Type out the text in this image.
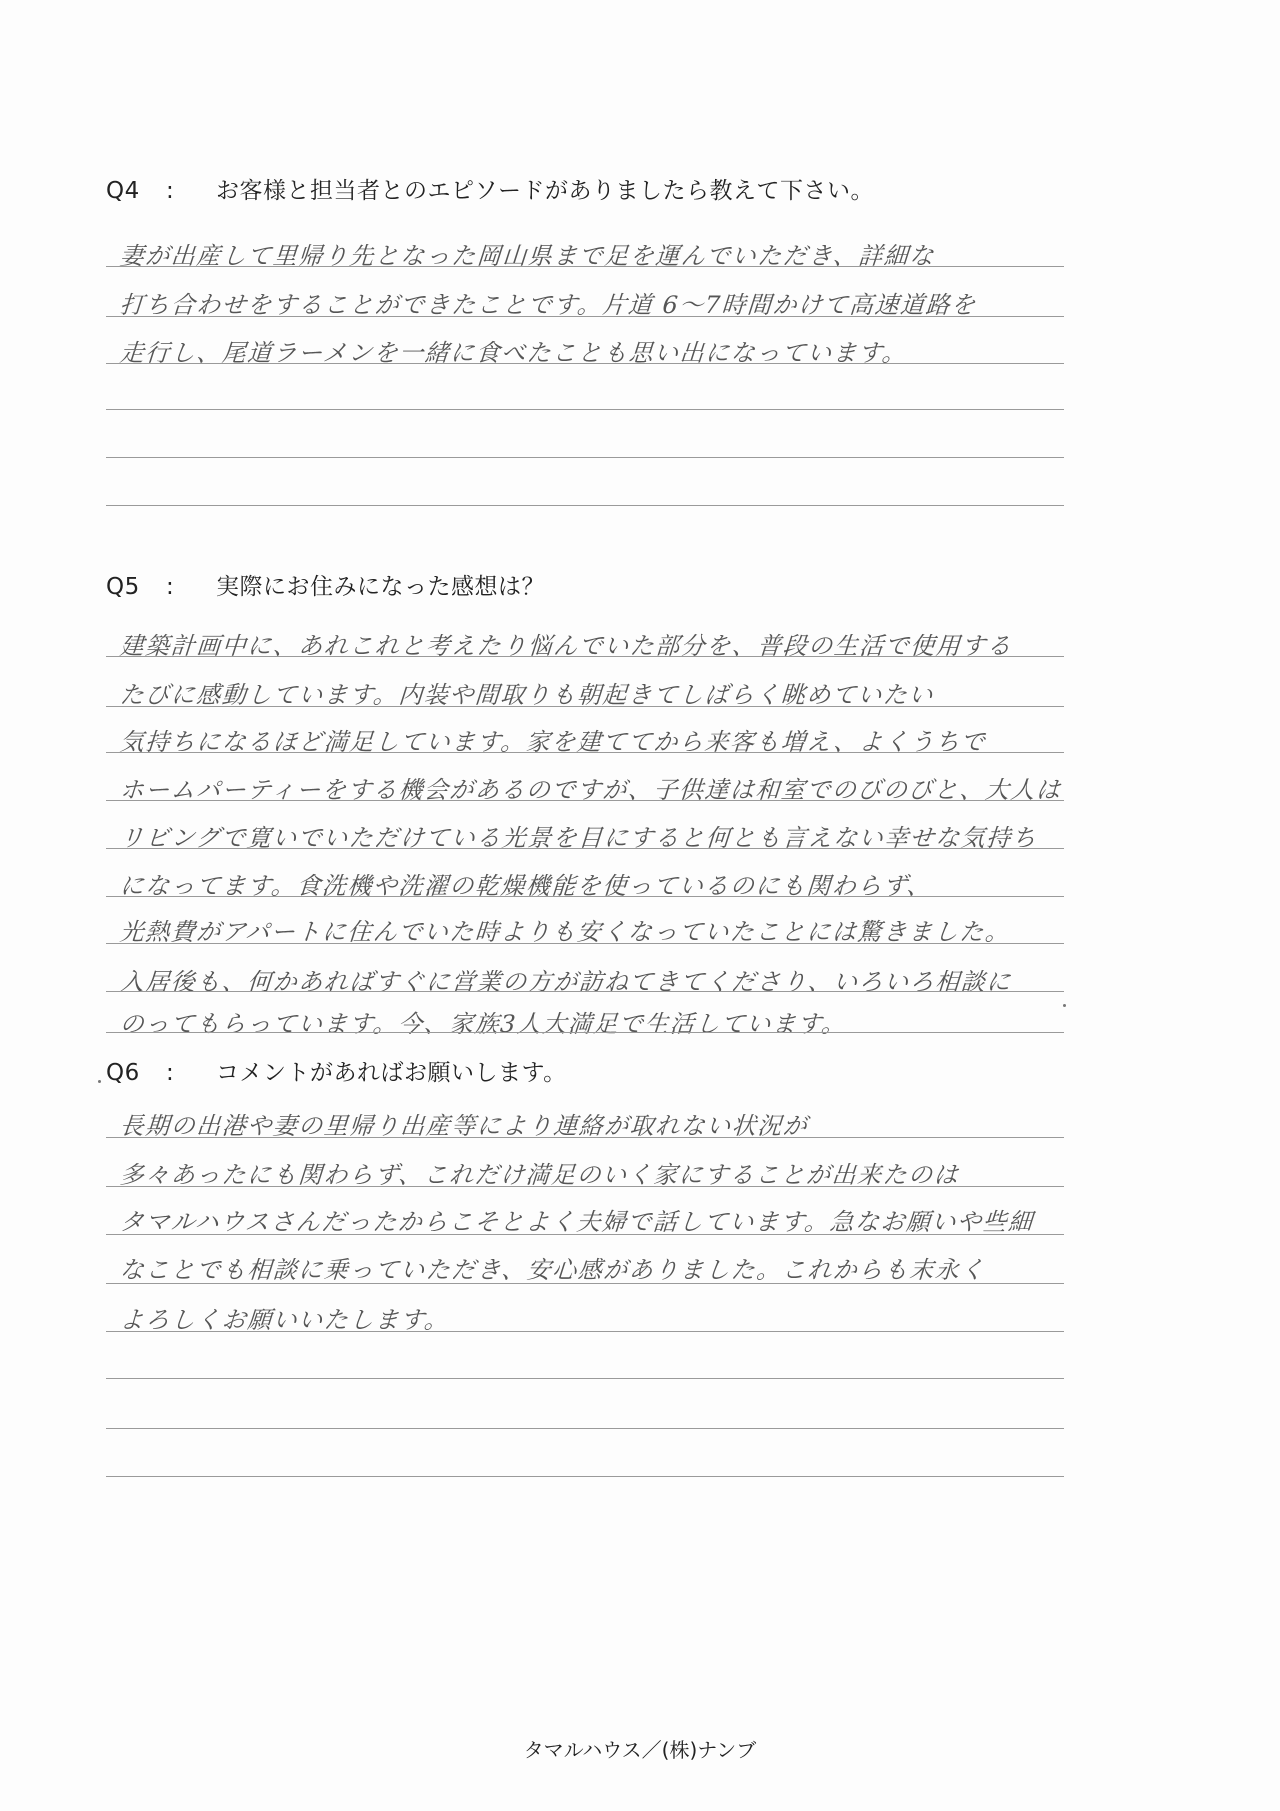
Q4	:	お客様と担当者とのエピソードがありましたら教えて下さい。
妻が出産して里帰り先となった岡山県まで足を運んでいただき、詳細な
打ち合わせをすることができたことです。片道 6～7時間かけて高速道路を
走行し、尾道ラーメンを一緒に食べたことも思い出になっています。
Q5	:	実際にお住みになった感想は？
建築計画中に、あれこれと考えたり悩んでいた部分を、普段の生活で使用する
たびに感動しています。内装や間取りも朝起きてしばらく眺めていたい
気持ちになるほど満足しています。家を建ててから来客も増え、よくうちで
ホームパーティーをする機会があるのですが、子供達は和室でのびのびと、大人は
リビングで寛いでいただけている光景を目にすると何とも言えない幸せな気持ち
になってます。食洗機や洗濯の乾燥機能を使っているのにも関わらず、
光熱費がアパートに住んでいた時よりも安くなっていたことには驚きました。
入居後も、何かあればすぐに営業の方が訪ねてきてくださり、いろいろ相談に
のってもらっています。今、家族3人大満足で生活しています。
Q6	:	コメントがあればお願いします。
長期の出港や妻の里帰り出産等により連絡が取れない状況が
多々あったにも関わらず、これだけ満足のいく家にすることが出来たのは
タマルハウスさんだったからこそとよく夫婦で話しています。急なお願いや些細
なことでも相談に乗っていただき、安心感がありました。これからも末永く
よろしくお願いいたします。
タマルハウス／(株)ナンブ
